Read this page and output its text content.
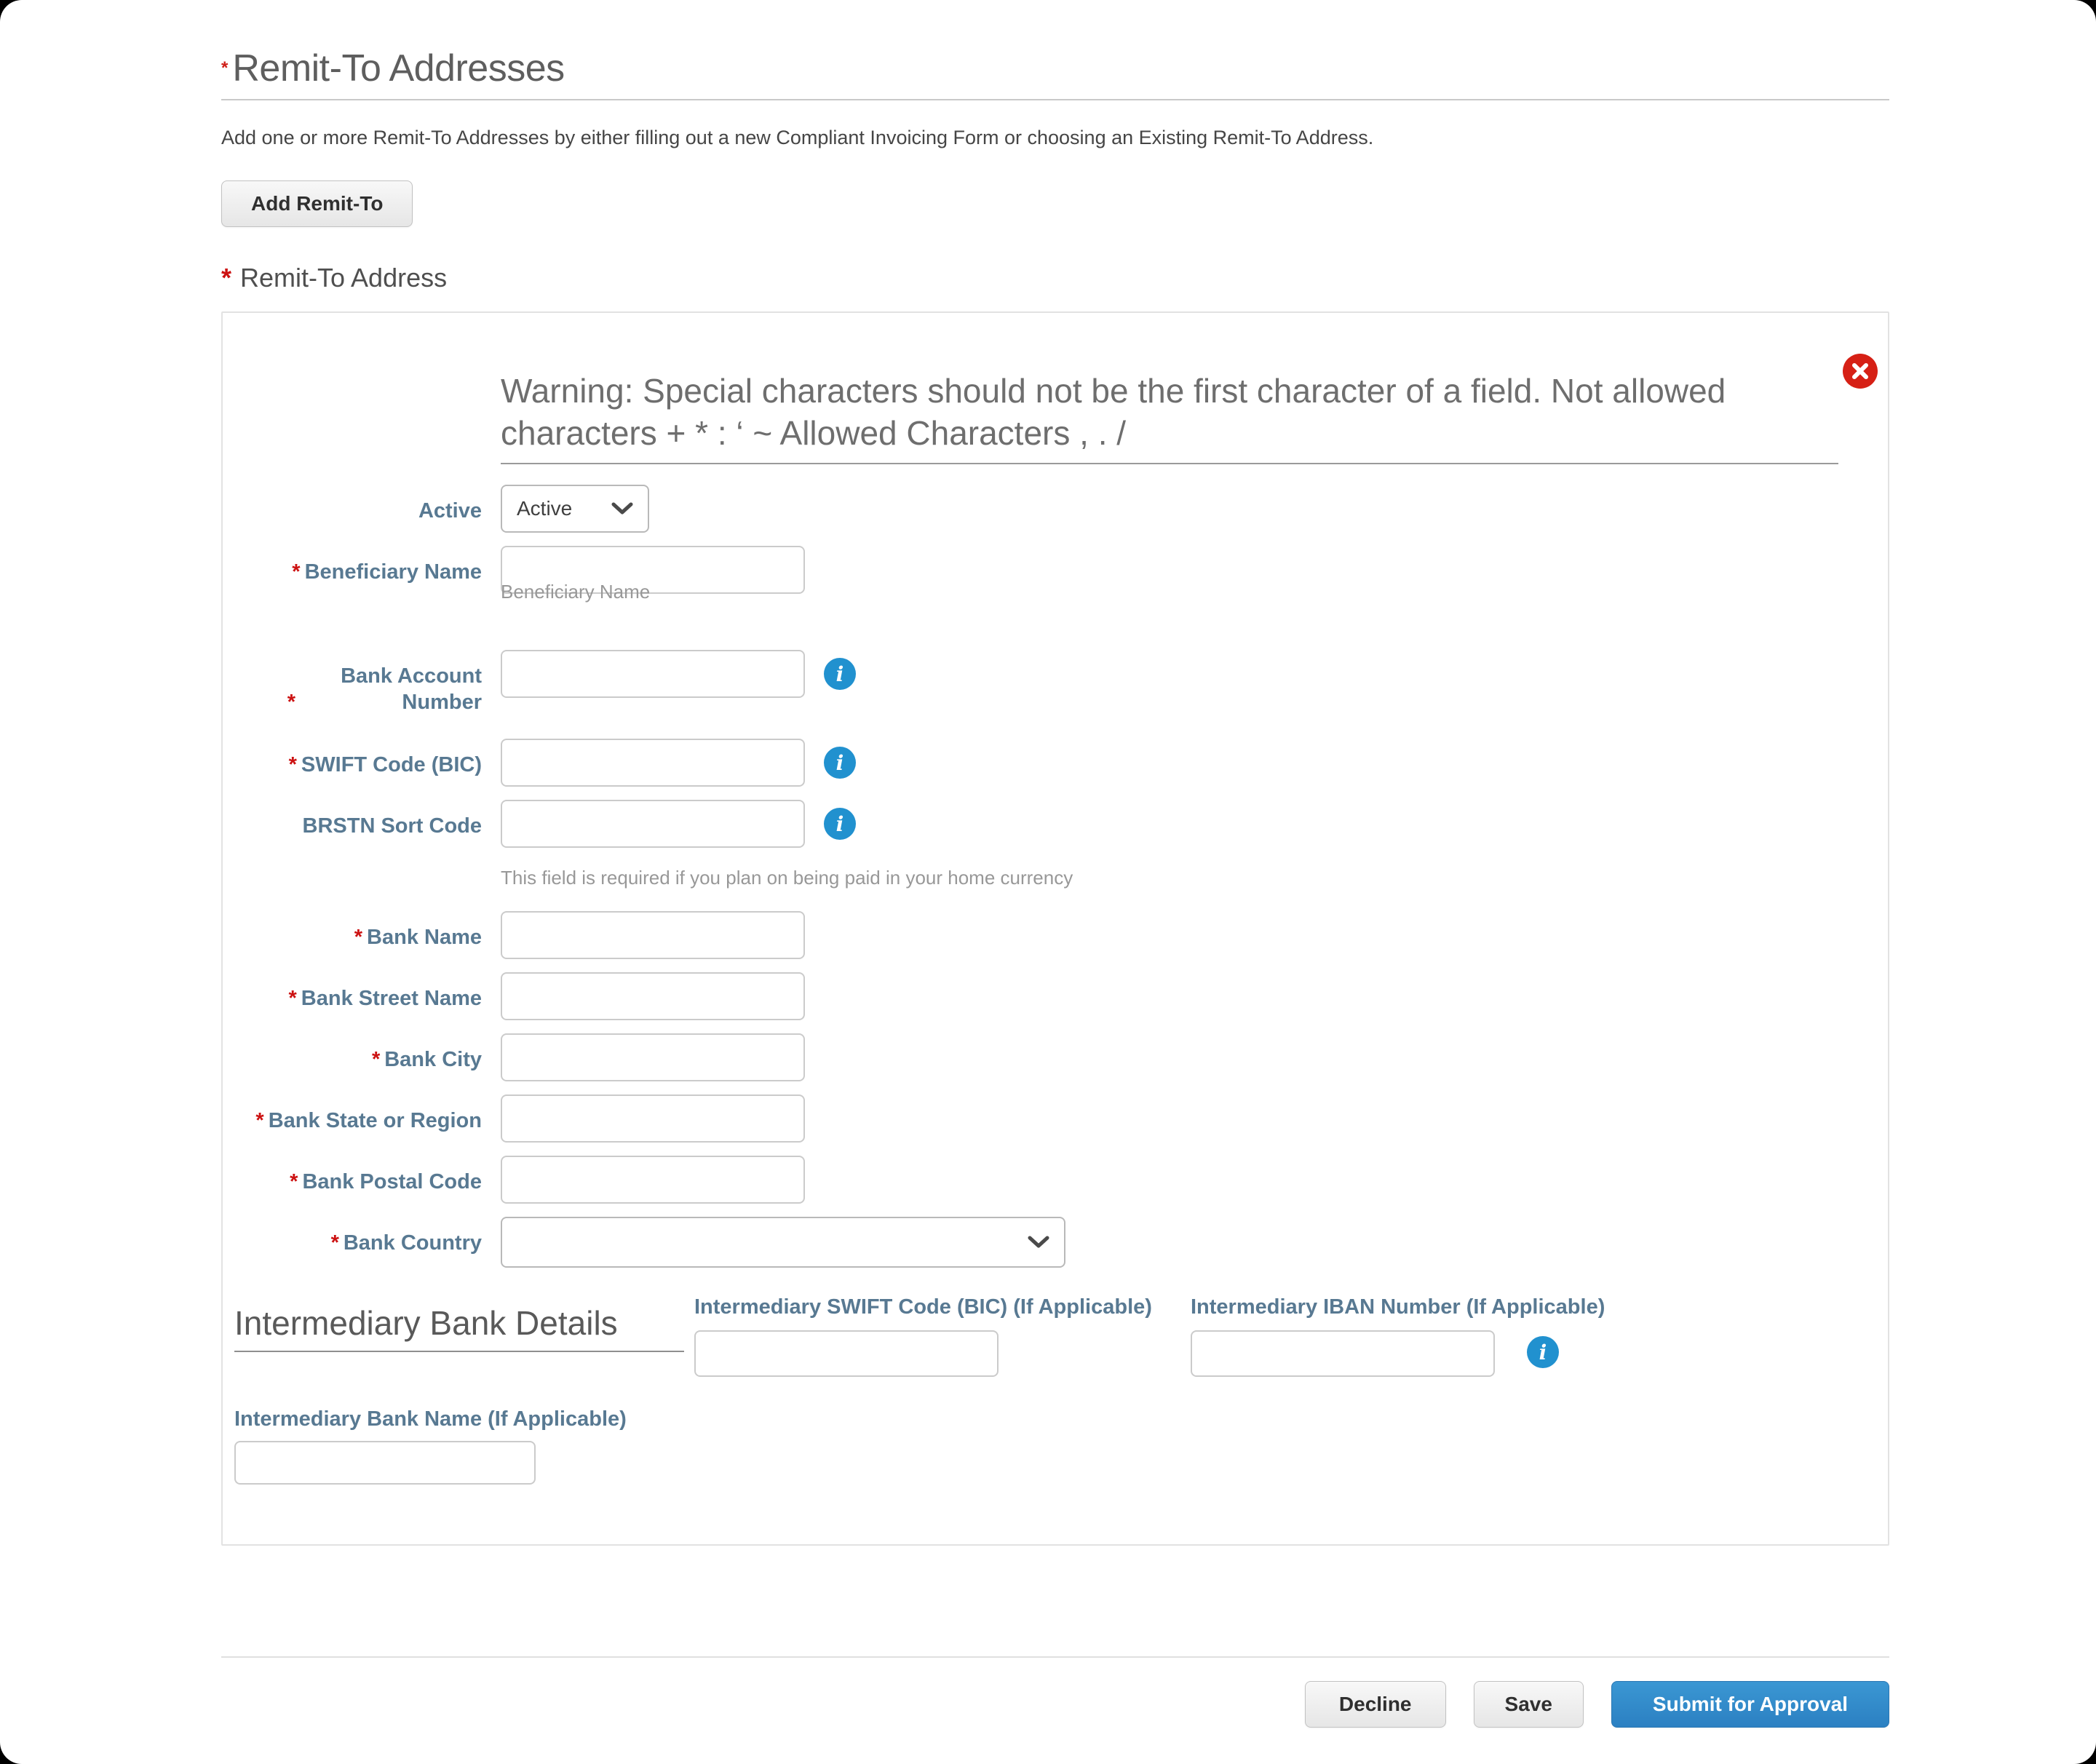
* Remit-To Addresses

Add one or more Remit-To Addresses by either filling out a new Compliant Invoicing Form or choosing an Existing Remit-To Address.

Add Remit-To
* Remit-To Address
Warning: Special characters should not be the first character of a field. Not allowed characters + * : ‘ ~ Allowed Characters , . /
Active Active
* Beneficiary Name
Beneficiary Name
*Bank Account Number
i
* SWIFT Code (BIC)	i
BRSTN Sort Code	i
This field is required if you plan on being paid in your home currency
* Bank Name
* Bank Street Name
* Bank City
* Bank State or Region
* Bank Postal Code
* Bank Country
Intermediary Bank Details	Intermediary SWIFT Code (BIC) (If Applicable) Intermediary IBAN Number (If Applicable)
i
Intermediary Bank Name (If Applicable)
Decline	Save	Submit for Approval
